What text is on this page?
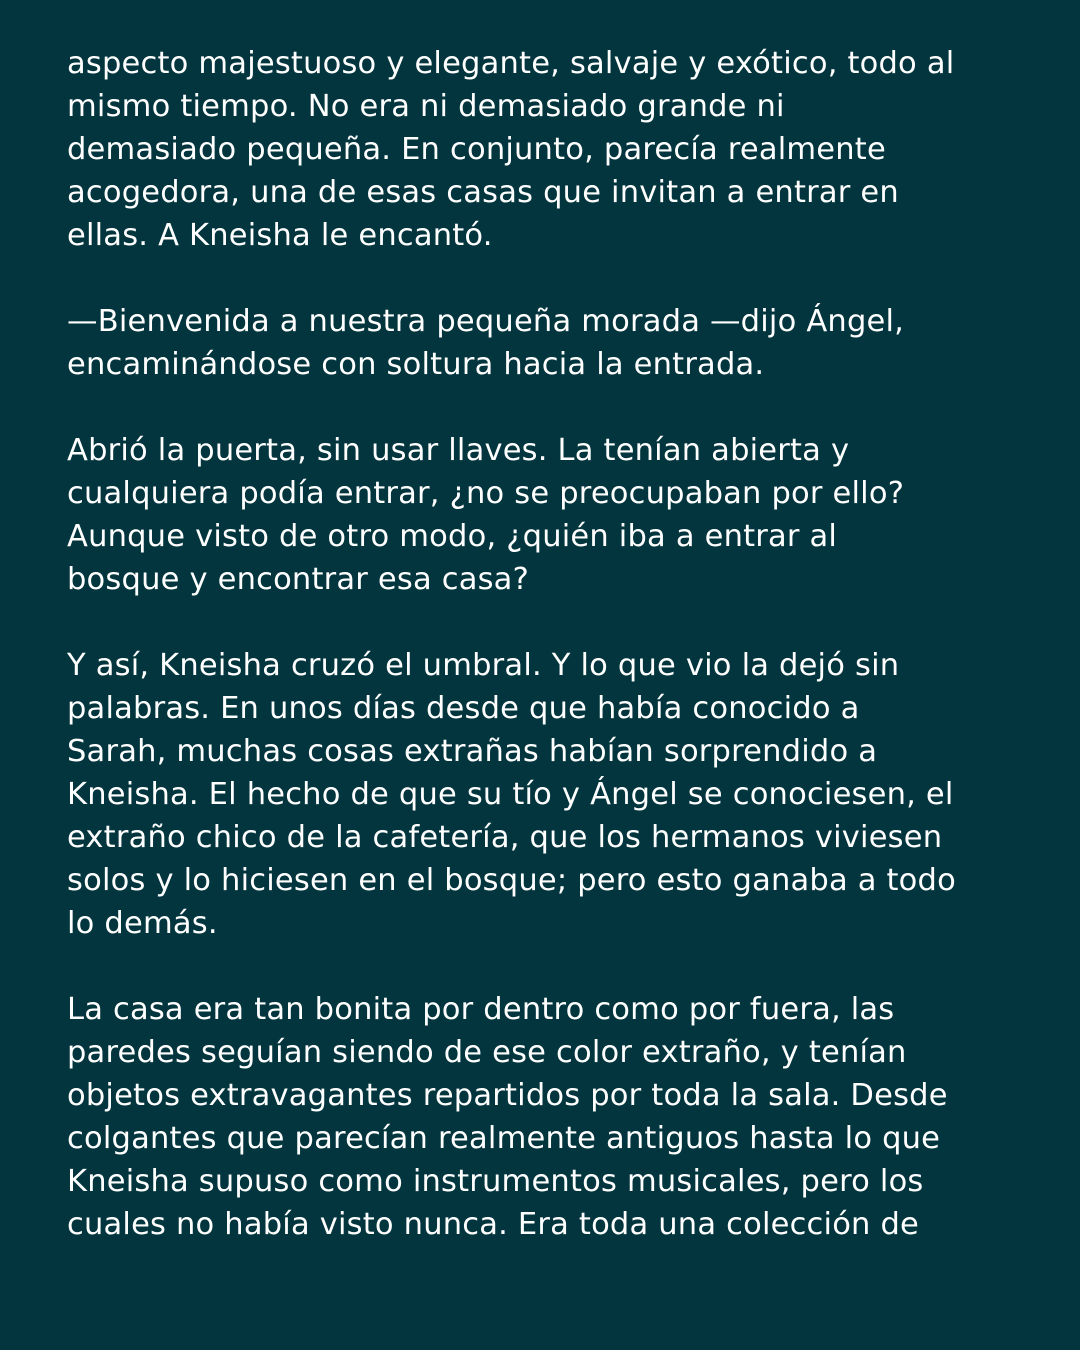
aspecto majestuoso y elegante, salvaje y exótico, todo al
mismo tiempo. No era ni demasiado grande ni
demasiado pequeña. En conjunto, parecía realmente
acogedora, una de esas casas que invitan a entrar en
ellas. A Kneisha le encantó.

—Bienvenida a nuestra pequeña morada —dijo Ángel,
encaminándose con soltura hacia la entrada.

Abrió la puerta, sin usar llaves. La tenían abierta y
cualquiera podía entrar, ¿no se preocupaban por ello?
Aunque visto de otro modo, ¿quién iba a entrar al
bosque y encontrar esa casa?

Y así, Kneisha cruzó el umbral. Y lo que vio la dejó sin
palabras. En unos días desde que había conocido a
Sarah, muchas cosas extrañas habían sorprendido a
Kneisha. El hecho de que su tío y Ángel se conociesen, el
extraño chico de la cafetería, que los hermanos viviesen
solos y lo hiciesen en el bosque; pero esto ganaba a todo
lo demás.

La casa era tan bonita por dentro como por fuera, las
paredes seguían siendo de ese color extraño, y tenían
objetos extravagantes repartidos por toda la sala. Desde
colgantes que parecían realmente antiguos hasta lo que
Kneisha supuso como instrumentos musicales, pero los
cuales no había visto nunca. Era toda una colección de
